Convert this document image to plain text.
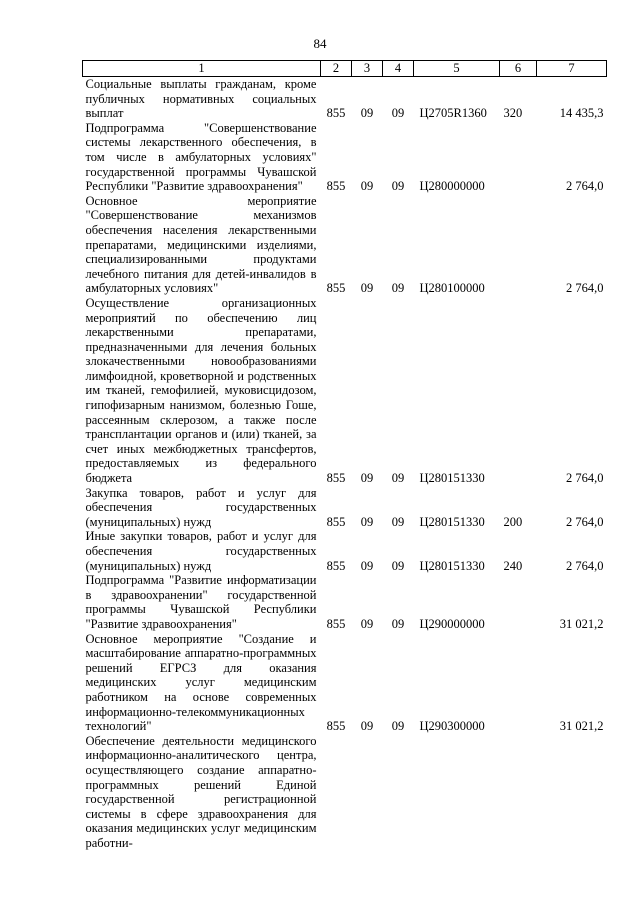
84
1	2	3	4	5	6	7
Социальные выплаты гражданам, кроме публичных нормативных социальных выплат	855	09	09	Ц2705R1360	320	14 435,3
Подпрограмма "Совершенствование системы лекарственного обеспечения, в том числе в амбулаторных условиях" государственной программы Чувашской Республики "Развитие здравоохранения"	855	09	09	Ц280000000		2 764,0
Основное мероприятие "Совершенствование механизмов обеспечения населения лекарственными препаратами, медицинскими изделиями, специализированными продуктами лечебного питания для детей-инвалидов в амбулаторных условиях"	855	09	09	Ц280100000		2 764,0
Осуществление организационных мероприятий по обеспечению лиц лекарственными препаратами, предназначенными для лечения больных злокачественными новообразованиями лимфоидной, кроветворной и родственных им тканей, гемофилией, муковисцидозом, гипофизарным нанизмом, болезнью Гоше, рассеянным склерозом, а также после трансплантации органов и (или) тканей, за счет иных межбюджетных трансфертов, предоставляемых из федерального бюджета	855	09	09	Ц280151330		2 764,0
Закупка товаров, работ и услуг для обеспечения государственных (муниципальных) нужд	855	09	09	Ц280151330	200	2 764,0
Иные закупки товаров, работ и услуг для обеспечения государственных (муниципальных) нужд	855	09	09	Ц280151330	240	2 764,0
Подпрограмма "Развитие информатизации в здравоохранении" государственной программы Чувашской Республики "Развитие здравоохранения"	855	09	09	Ц290000000		31 021,2
Основное мероприятие "Создание и масштабирование аппаратно-программных решений ЕГРСЗ для оказания медицинских услуг медицинским работником на основе современных информационно-телекоммуникационных технологий"	855	09	09	Ц290300000		31 021,2
Обеспечение деятельности медицинского информационно-аналитического центра, осуществляющего создание аппаратно-программных решений Единой государственной регистрационной системы в сфере здравоохранения для оказания медицинских услуг медицинским работни-						
